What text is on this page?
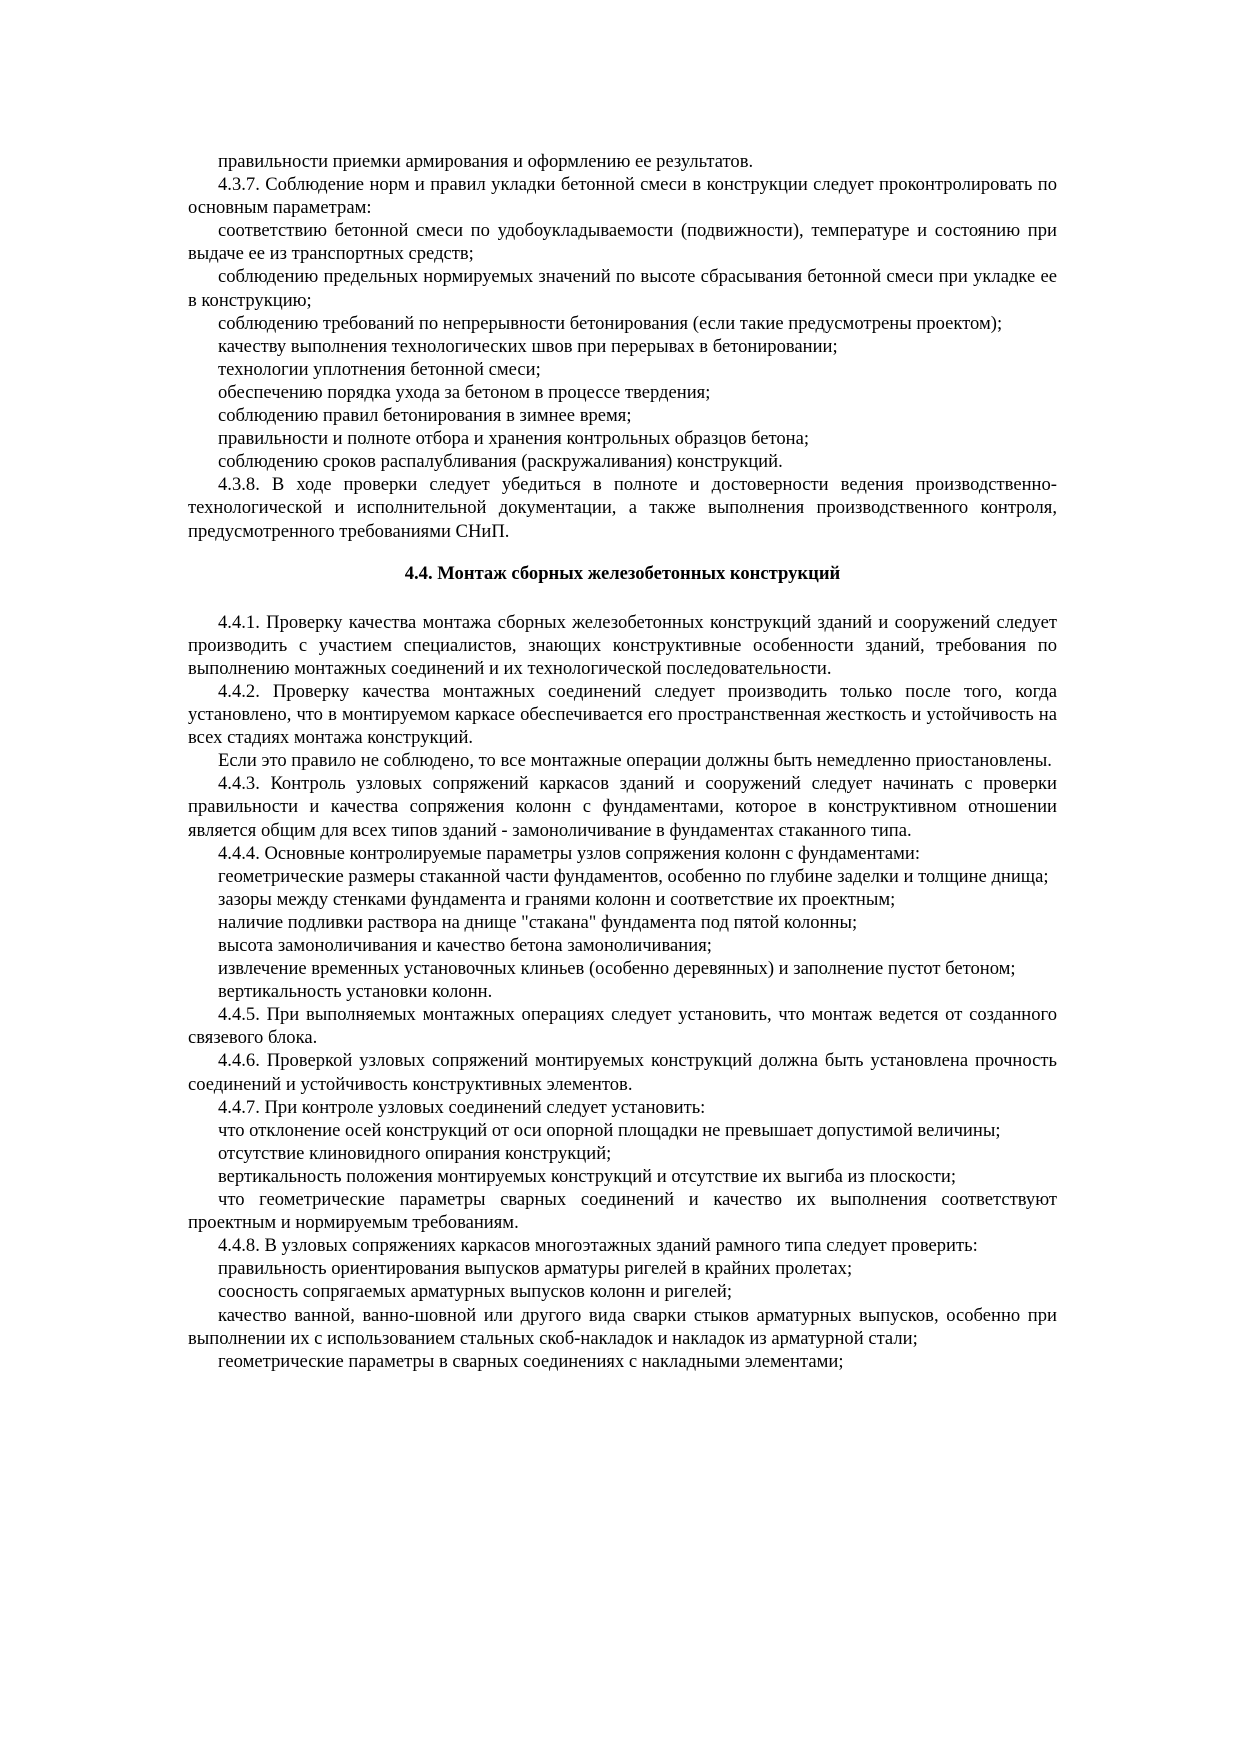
правильности приемки армирования и оформлению ее результатов.

4.3.7. Соблюдение норм и правил укладки бетонной смеси в конструкции следует проконтролировать по основным параметрам:

соответствию бетонной смеси по удобоукладываемости (подвижности), температуре и состоянию при выдаче ее из транспортных средств;

соблюдению предельных нормируемых значений по высоте сбрасывания бетонной смеси при укладке ее в конструкцию;

соблюдению требований по непрерывности бетонирования (если такие предусмотрены проектом);

качеству выполнения технологических швов при перерывах в бетонировании;

технологии уплотнения бетонной смеси;

обеспечению порядка ухода за бетоном в процессе твердения;

соблюдению правил бетонирования в зимнее время;

правильности и полноте отбора и хранения контрольных образцов бетона;

соблюдению сроков распалубливания (раскружаливания) конструкций.

4.3.8. В ходе проверки следует убедиться в полноте и достоверности ведения производственно-технологической и исполнительной документации, а также выполнения производственного контроля, предусмотренного требованиями СНиП.

4.4. Монтаж сборных железобетонных конструкций

4.4.1. Проверку качества монтажа сборных железобетонных конструкций зданий и сооружений следует производить с участием специалистов, знающих конструктивные особенности зданий, требования по выполнению монтажных соединений и их технологической последовательности.

4.4.2. Проверку качества монтажных соединений следует производить только после того, когда установлено, что в монтируемом каркасе обеспечивается его пространственная жесткость и устойчивость на всех стадиях монтажа конструкций.

Если это правило не соблюдено, то все монтажные операции должны быть немедленно приостановлены.

4.4.3. Контроль узловых сопряжений каркасов зданий и сооружений следует начинать с проверки правильности и качества сопряжения колонн с фундаментами, которое в конструктивном отношении является общим для всех типов зданий - замоноличивание в фундаментах стаканного типа.

4.4.4. Основные контролируемые параметры узлов сопряжения колонн с фундаментами:

геометрические размеры стаканной части фундаментов, особенно по глубине заделки и толщине днища;

зазоры между стенками фундамента и гранями колонн и соответствие их проектным;

наличие подливки раствора на днище "стакана" фундамента под пятой колонны;

высота замоноличивания и качество бетона замоноличивания;

извлечение временных установочных клиньев (особенно деревянных) и заполнение пустот бетоном;

вертикальность установки колонн.

4.4.5. При выполняемых монтажных операциях следует установить, что монтаж ведется от созданного связевого блока.

4.4.6. Проверкой узловых сопряжений монтируемых конструкций должна быть установлена прочность соединений и устойчивость конструктивных элементов.

4.4.7. При контроле узловых соединений следует установить:

что отклонение осей конструкций от оси опорной площадки не превышает допустимой величины;

отсутствие клиновидного опирания конструкций;

вертикальность положения монтируемых конструкций и отсутствие их выгиба из плоскости;

что геометрические параметры сварных соединений и качество их выполнения соответствуют проектным и нормируемым требованиям.

4.4.8. В узловых сопряжениях каркасов многоэтажных зданий рамного типа следует проверить:

правильность ориентирования выпусков арматуры ригелей в крайних пролетах;

соосность сопрягаемых арматурных выпусков колонн и ригелей;

качество ванной, ванно-шовной или другого вида сварки стыков арматурных выпусков, особенно при выполнении их с использованием стальных скоб-накладок и накладок из арматурной стали;

геометрические параметры в сварных соединениях с накладными элементами;
